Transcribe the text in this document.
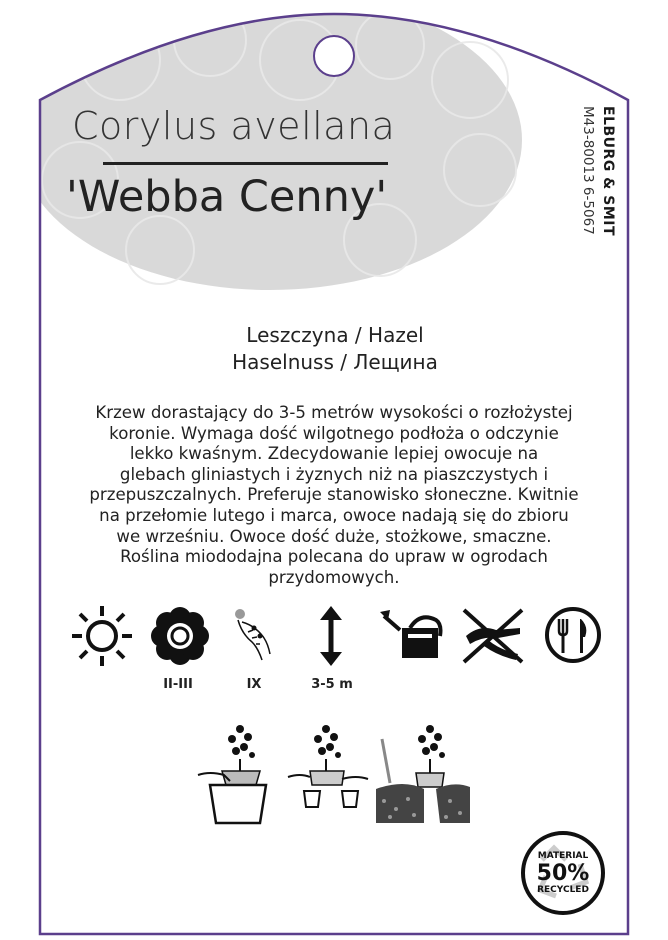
Corylus avellana
'Webba Cenny'	ELBURG & SMIT
M43-80013 6-5067
Leszczyna / Hazel
Haselnuss / Лещина
Krzew dorastający do 3-5 metrów wysokości o rozłożystej
koronie. Wymaga dość wilgotnego podłoża o odczynie
lekko kwaśnym. Zdecydowanie lepiej owocuje na
glebach gliniastych i żyznych niż na piaszczystych i
przepuszczalnych. Preferuje stanowisko słoneczne. Kwitnie
na przełomie lutego i marca, owoce nadają się do zbioru
we wrześniu. Owoce dość duże, stożkowe, smaczne.
Roślina miododajna polecana do upraw w ogrodach
przydomowych.
II-III	IX	3-5 m
MATERIAL
50%
RECYCLED
